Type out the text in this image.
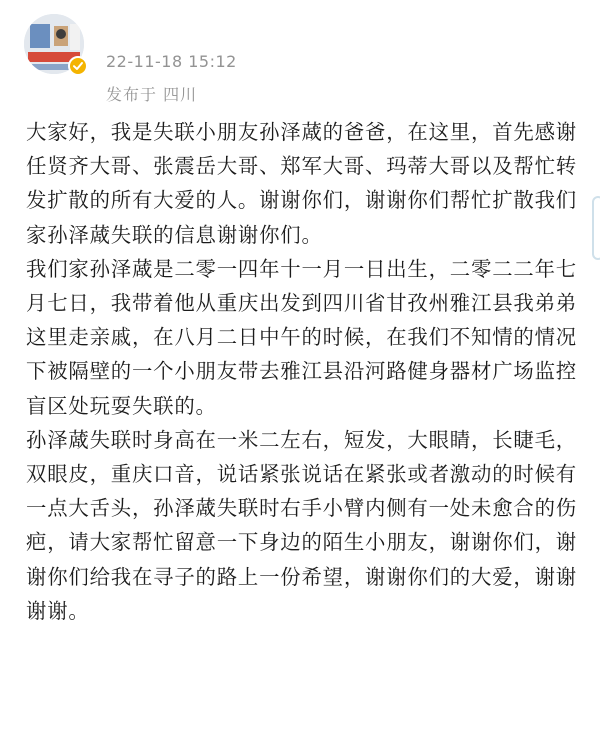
22-11-18 15:12
发布于 四川

大家好，我是失联小朋友孙泽蒧的爸爸，在这里，首先感谢任贤齐大哥、张震岳大哥、郑军大哥、玛蒂大哥以及帮忙转发扩散的所有大爱的人。谢谢你们，谢谢你们帮忙扩散我们家孙泽蒧失联的信息谢谢你们。

我们家孙泽蒧是二零一四年十一月一日出生，二零二二年七月七日，我带着他从重庆出发到四川省甘孜州雅江县我弟弟这里走亲戚，在八月二日中午的时候，在我们不知情的情况下被隔壁的一个小朋友带去雅江县沿河路健身器材广场监控盲区处玩耍失联的。

孙泽蒧失联时身高在一米二左右，短发，大眼睛，长睫毛，双眼皮，重庆口音，说话紧张说话在紧张或者激动的时候有一点大舌头，孙泽蒧失联时右手小臂内侧有一处未愈合的伤疤，请大家帮忙留意一下身边的陌生小朋友，谢谢你们，谢谢你们给我在寻子的路上一份希望，谢谢你们的大爱，谢谢谢谢。
